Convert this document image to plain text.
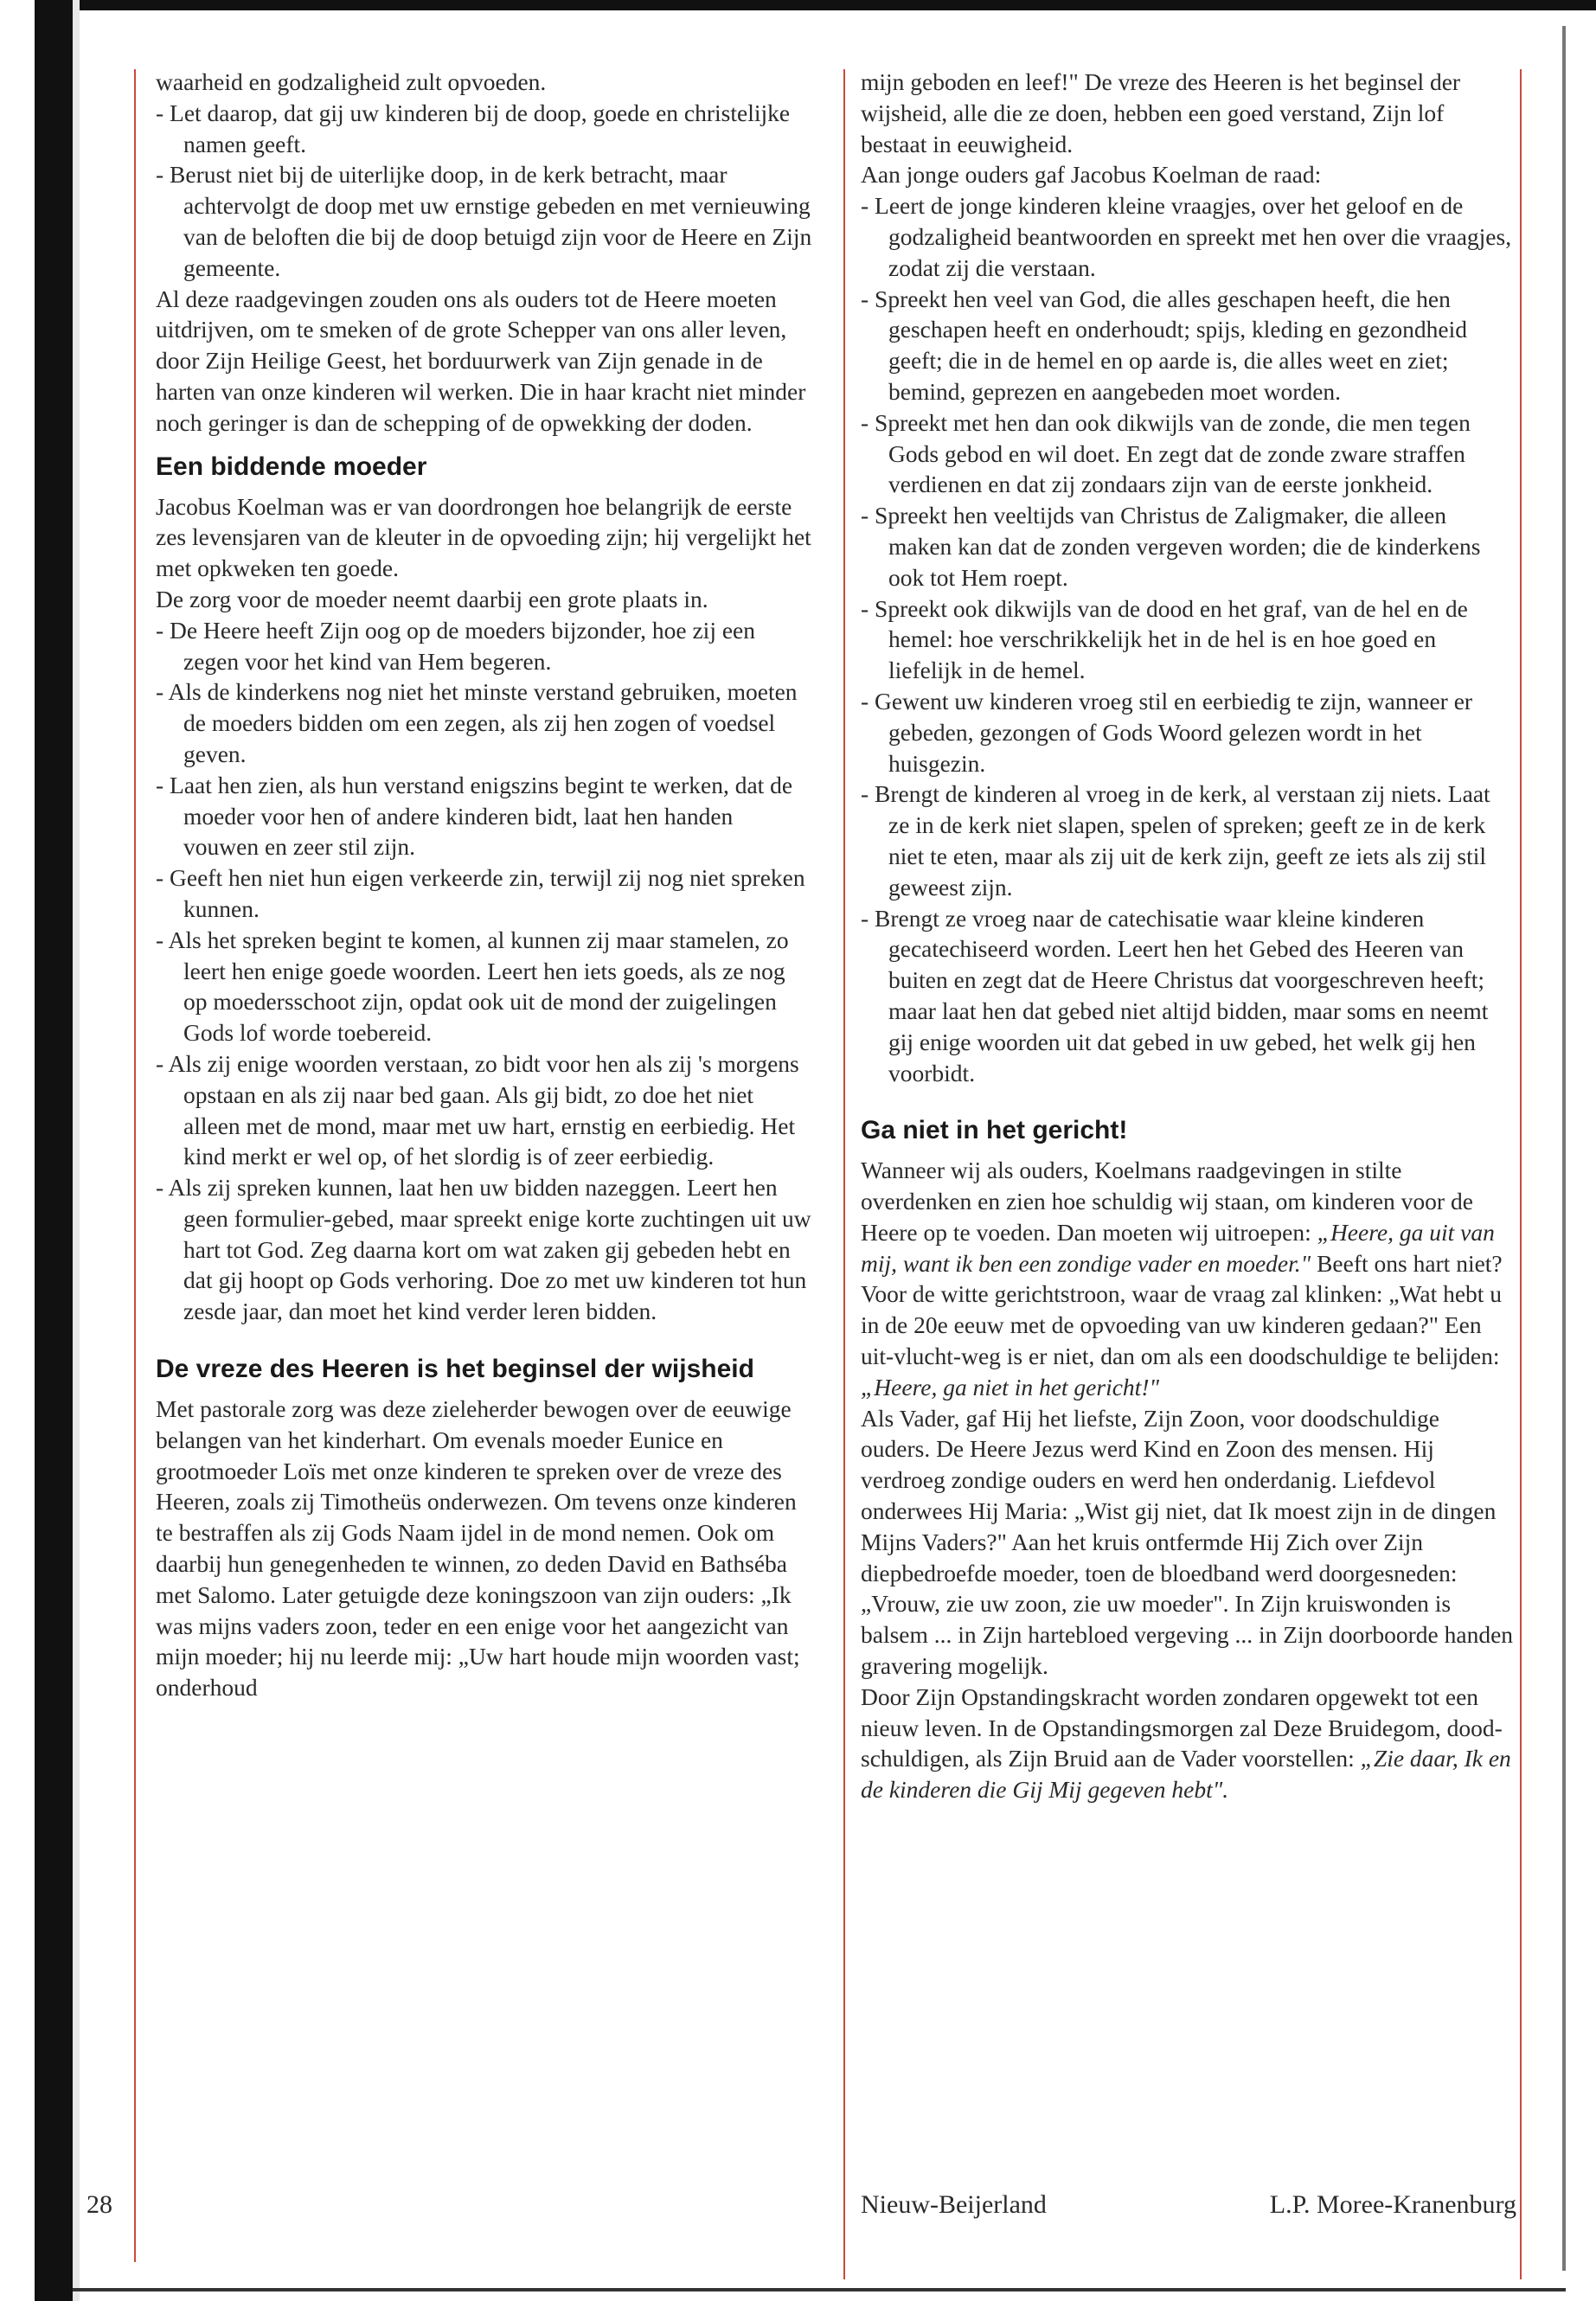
waarheid en godzaligheid zult opvoeden.

- Let daarop, dat gij uw kinderen bij de doop, goede en christelijke namen geeft.

- Berust niet bij de uiterlijke doop, in de kerk betracht, maar achtervolgt de doop met uw ernstige gebeden en met vernieuwing van de beloften die bij de doop betuigd zijn voor de Heere en Zijn gemeente.

Al deze raadgevingen zouden ons als ouders tot de Heere moeten uitdrijven, om te smeken of de grote Schepper van ons aller leven, door Zijn Heilige Geest, het borduurwerk van Zijn genade in de harten van onze kinderen wil werken. Die in haar kracht niet minder noch geringer is dan de schepping of de opwekking der doden.

Een biddende moeder

Jacobus Koelman was er van doordrongen hoe belangrijk de eerste zes levensjaren van de kleuter in de opvoeding zijn; hij vergelijkt het met opkweken ten goede.

De zorg voor de moeder neemt daarbij een grote plaats in.

- De Heere heeft Zijn oog op de moeders bijzonder, hoe zij een zegen voor het kind van Hem begeren.

- Als de kinderkens nog niet het minste verstand gebruiken, moeten de moeders bidden om een zegen, als zij hen zogen of voedsel geven.

- Laat hen zien, als hun verstand enigszins begint te werken, dat de moeder voor hen of andere kinderen bidt, laat hen handen vouwen en zeer stil zijn.

- Geeft hen niet hun eigen verkeerde zin, terwijl zij nog niet spreken kunnen.

- Als het spreken begint te komen, al kunnen zij maar stamelen, zo leert hen enige goede woorden. Leert hen iets goeds, als ze nog op moedersschoot zijn, opdat ook uit de mond der zuigelingen Gods lof worde toebereid.

- Als zij enige woorden verstaan, zo bidt voor hen als zij 's morgens opstaan en als zij naar bed gaan. Als gij bidt, zo doe het niet alleen met de mond, maar met uw hart, ernstig en eerbiedig. Het kind merkt er wel op, of het slordig is of zeer eerbiedig.

- Als zij spreken kunnen, laat hen uw bidden nazeggen. Leert hen geen formulier-gebed, maar spreekt enige korte zuchtingen uit uw hart tot God. Zeg daarna kort om wat zaken gij gebeden hebt en dat gij hoopt op Gods verhoring. Doe zo met uw kinderen tot hun zesde jaar, dan moet het kind verder leren bidden.

De vreze des Heeren is het beginsel der wijsheid

Met pastorale zorg was deze zieleherder bewogen over de eeuwige belangen van het kinderhart. Om evenals moeder Eunice en grootmoeder Loïs met onze kinderen te spreken over de vreze des Heeren, zoals zij Timotheüs onderwezen. Om tevens onze kinderen te bestraffen als zij Gods Naam ijdel in de mond nemen. Ook om daarbij hun genegenheden te winnen, zo deden David en Bathséba met Salomo. Later getuigde deze koningszoon van zijn ouders: „Ik was mijns vaders zoon, teder en een enige voor het aangezicht van mijn moeder; hij nu leerde mij: „Uw hart houde mijn woorden vast; onderhoud

mijn geboden en leef!" De vreze des Heeren is het beginsel der wijsheid, alle die ze doen, hebben een goed verstand, Zijn lof bestaat in eeuwigheid.

Aan jonge ouders gaf Jacobus Koelman de raad:

- Leert de jonge kinderen kleine vraagjes, over het geloof en de godzaligheid beantwoorden en spreekt met hen over die vraagjes, zodat zij die verstaan.

- Spreekt hen veel van God, die alles geschapen heeft, die hen geschapen heeft en onderhoudt; spijs, kleding en gezondheid geeft; die in de hemel en op aarde is, die alles weet en ziet; bemind, geprezen en aangebeden moet worden.

- Spreekt met hen dan ook dikwijls van de zonde, die men tegen Gods gebod en wil doet. En zegt dat de zonde zware straffen verdienen en dat zij zondaars zijn van de eerste jonkheid.

- Spreekt hen veeltijds van Christus de Zaligmaker, die alleen maken kan dat de zonden vergeven worden; die de kinderkens ook tot Hem roept.

- Spreekt ook dikwijls van de dood en het graf, van de hel en de hemel: hoe verschrikkelijk het in de hel is en hoe goed en liefelijk in de hemel.

- Gewent uw kinderen vroeg stil en eerbiedig te zijn, wanneer er gebeden, gezongen of Gods Woord gelezen wordt in het huisgezin.

- Brengt de kinderen al vroeg in de kerk, al verstaan zij niets. Laat ze in de kerk niet slapen, spelen of spreken; geeft ze in de kerk niet te eten, maar als zij uit de kerk zijn, geeft ze iets als zij stil geweest zijn.

- Brengt ze vroeg naar de catechisatie waar kleine kinderen gecatechiseerd worden. Leert hen het Gebed des Heeren van buiten en zegt dat de Heere Christus dat voorgeschreven heeft; maar laat hen dat gebed niet altijd bidden, maar soms en neemt gij enige woorden uit dat gebed in uw gebed, het welk gij hen voorbidt.

Ga niet in het gericht!

Wanneer wij als ouders, Koelmans raadgevingen in stilte overdenken en zien hoe schuldig wij staan, om kinderen voor de Heere op te voeden. Dan moeten wij uitroepen: „Heere, ga uit van mij, want ik ben een zondige vader en moeder." Beeft ons hart niet? Voor de witte gerichtstroon, waar de vraag zal klinken: „Wat hebt u in de 20e eeuw met de opvoeding van uw kinderen gedaan?" Een uit-vlucht-weg is er niet, dan om als een doodschuldige te belijden: „Heere, ga niet in het gericht!"

Als Vader, gaf Hij het liefste, Zijn Zoon, voor doodschuldige ouders. De Heere Jezus werd Kind en Zoon des mensen. Hij verdroeg zondige ouders en werd hen onderdanig. Liefdevol onderwees Hij Maria: „Wist gij niet, dat Ik moest zijn in de dingen Mijns Vaders?" Aan het kruis ontfermde Hij Zich over Zijn diepbedroefde moeder, toen de bloedband werd doorgesneden: „Vrouw, zie uw zoon, zie uw moeder". In Zijn kruiswonden is balsem ... in Zijn hartebloed vergeving ... in Zijn doorboorde handen gravering mogelijk.

Door Zijn Opstandingskracht worden zondaren opgewekt tot een nieuw leven. In de Opstandingsmorgen zal Deze Bruidegom, dood-schuldigen, als Zijn Bruid aan de Vader voorstellen: „Zie daar, Ik en de kinderen die Gij Mij gegeven hebt".

28	Nieuw-Beijerland	L.P. Moree-Kranenburg
